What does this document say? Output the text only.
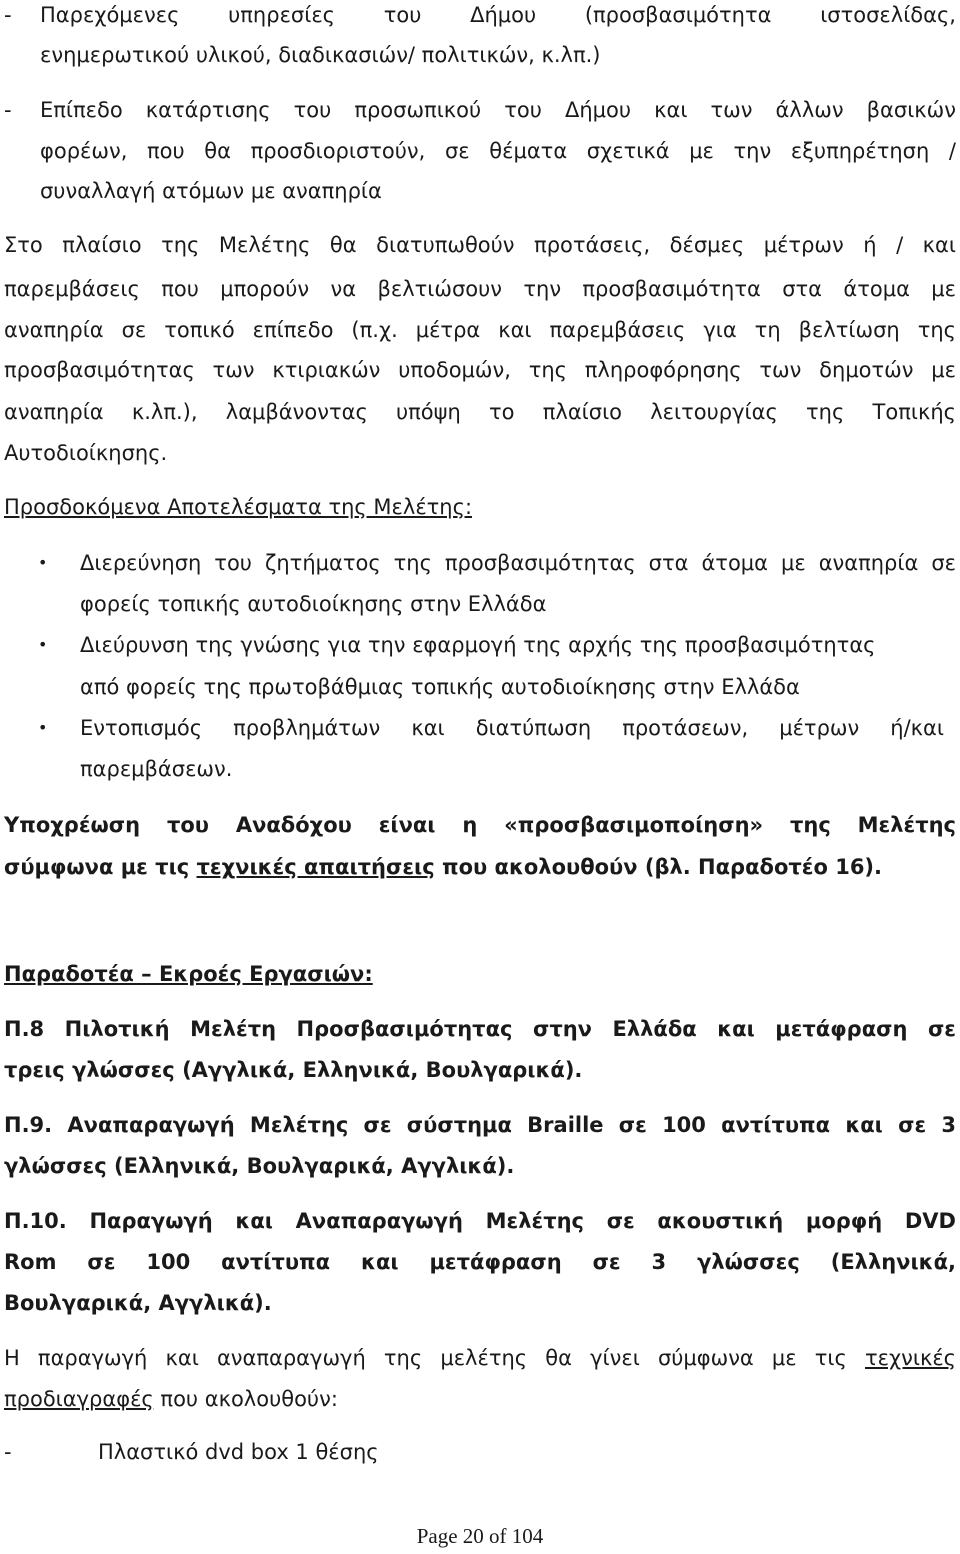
- Παρεχόμενες υπηρεσίες του Δήμου (προσβασιμότητα ιστοσελίδας,
ενημερωτικού υλικού, διαδικασιών/ πολιτικών, κ.λπ.)
- Επίπεδο κατάρτισης του προσωπικού του Δήμου και των άλλων βασικών
φορέων, που θα προσδιοριστούν, σε θέματα σχετικά με την εξυπηρέτηση /
συναλλαγή ατόμων με αναπηρία
Στο πλαίσιο της Μελέτης θα διατυπωθούν προτάσεις, δέσμες μέτρων ή / και
παρεμβάσεις που μπορούν να βελτιώσουν την προσβασιμότητα στα άτομα με
αναπηρία σε τοπικό επίπεδο (π.χ. μέτρα και παρεμβάσεις για τη βελτίωση της
προσβασιμότητας των κτιριακών υποδομών, της πληροφόρησης των δημοτών με
αναπηρία κ.λπ.), λαμβάνοντας υπόψη το πλαίσιο λειτουργίας της Τοπικής
Αυτοδιοίκησης.
Προσδοκόμενα Αποτελέσματα της Μελέτης:
• Διερεύνηση του ζητήματος της προσβασιμότητας στα άτομα με αναπηρία σε
φορείς τοπικής αυτοδιοίκησης στην Ελλάδα
• Διεύρυνση της γνώσης για την εφαρμογή της αρχής της προσβασιμότητας
από φορείς της πρωτοβάθμιας τοπικής αυτοδιοίκησης στην Ελλάδα
• Εντοπισμός προβλημάτων και διατύπωση προτάσεων, μέτρων ή/και
παρεμβάσεων.
Υποχρέωση του Αναδόχου είναι η «προσβασιμοποίηση» της Μελέτης
σύμφωνα με τις τεχνικές απαιτήσεις που ακολουθούν (βλ. Παραδοτέο 16).
Παραδοτέα – Εκροές Εργασιών:
Π.8 Πιλοτική Μελέτη Προσβασιμότητας στην Ελλάδα και μετάφραση σε
τρεις γλώσσες (Αγγλικά, Ελληνικά, Βουλγαρικά).
Π.9. Αναπαραγωγή Μελέτης σε σύστημα Braille σε 100 αντίτυπα και σε 3
γλώσσες (Ελληνικά, Βουλγαρικά, Αγγλικά).
Π.10. Παραγωγή και Αναπαραγωγή Μελέτης σε ακουστική μορφή DVD
Rom σε 100 αντίτυπα και μετάφραση σε 3 γλώσσες (Ελληνικά,
Βουλγαρικά, Αγγλικά).
Η παραγωγή και αναπαραγωγή της μελέτης θα γίνει σύμφωνα με τις τεχνικές
προδιαγραφές που ακολουθούν:
-	Πλαστικό dvd box 1 θέσης
Page 20 of 104
